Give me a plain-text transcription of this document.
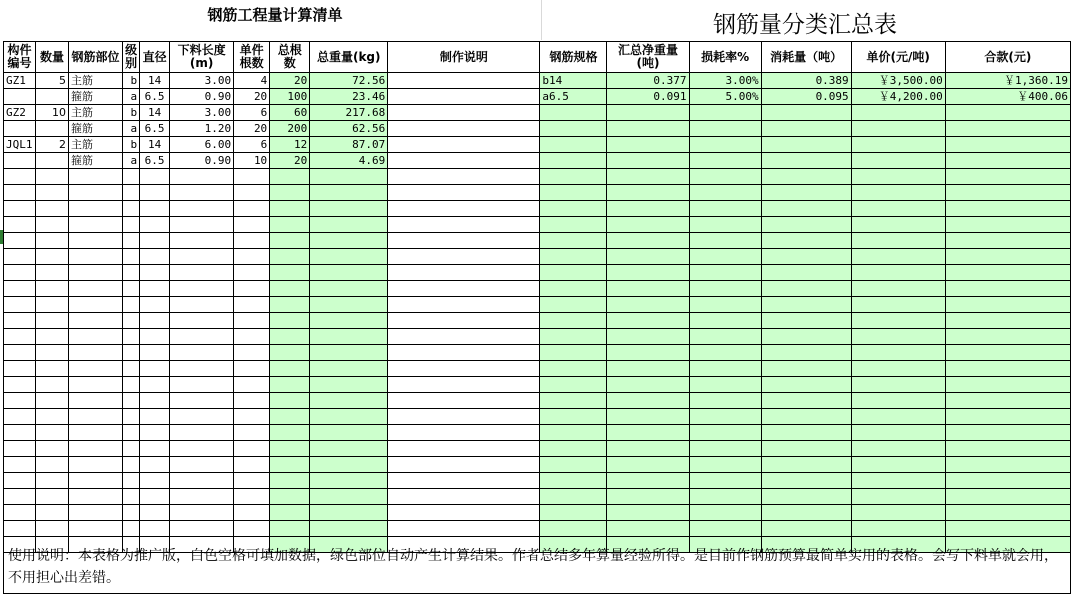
钢筋工程量计算清单	钢筋量分类汇总表
构件编号	数量	钢筋部位	级别	直径	下料长度(m)	单件根数	总根数	总重量(kg)	制作说明	钢筋规格	汇总净重量(吨)	损耗率%	消耗量（吨）	单价(元/吨)	合款(元)
GZ1	5	主筋	b	14	3.00	4	20	72.56		b14	0.377	3.00%	0.389	￥3,500.00	￥1,360.19
		箍筋	a	6.5	0.90	20	100	23.46		a6.5	0.091	5.00%	0.095	￥4,200.00	￥400.06
GZ2	10	主筋	b	14	3.00	6	60	217.68							
		箍筋	a	6.5	1.20	20	200	62.56							
JQL1	2	主筋	b	14	6.00	6	12	87.07							
		箍筋	a	6.5	0.90	10	20	4.69							

使用说明：本表格为推广版，白色空格可填加数据，绿色部位自动产生计算结果。作者总结多年算量经验所得。是目前作钢筋预算最简单实用的表格。会写下料单就会用，不用担心出差错。
